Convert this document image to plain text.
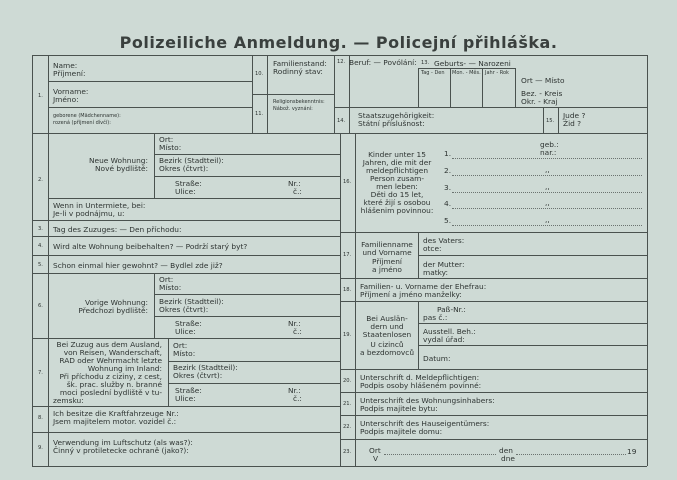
Polizeiliche Anmeldung. — Policejní přihláška.
1.
Name:
Příjmení:
Vorname:
Jméno:
geborene (Mädchenname):
rozená (příjmení dívčí):
10.
Familienstand:
Rodinný stav:
11.
Religionsbekenntnis:
Nábož. vyznání:
12. Beruf: — Povólání: 13. Geburts- — Narozeni
Tag - Den Mon. - Měs. Jahr - Rok
Ort — Místo
Bez. - Kreis
Okr. - Kraj
14.
Staatszugehörigkeit:
Státní příslušnost:	15.
Jude ?
Žid ?
2.
Neue Wohnung:
Nové bydliště:
Ort:
Místo:
Bezirk (Stadtteil):
Okres (čtvrt):
Straße:
Ulice:
Nr.:
č.:
Wenn in Untermiete, bei:
Je-li v podnájmu, u:
3. Tag des Zuzuges: — Den příchodu:
4. Wird alte Wohnung beibehalten? — Podrží starý byt?
5. Schon einmal hier gewohnt? — Bydlel zde již?
6.	Vorige Wohnung:
Předchozi bydliště:
Ort:
Místo:
Bezirk (Stadtteil):
Okres (čtvrt):
Straße:
Ulice:
Nr.:
č.:
7.
Bei Zuzug aus dem Ausland,
von Reisen, Wanderschaft,
RAD oder Wehrmacht letzte
Wohnung im Inland:
Při příchodu z ciziny, z cest,
šk. prac. služby n. branné
moci poslední bydliště v tu-
zemsku:
Ort:
Místo:
Bezirk (Stadtteil):
Okres (čtvrt):
Straße:
Ulice:
Nr.:
č.:
8. Ich besitze die Kraftfahrzeuge Nr.:
Jsem majitelem motor. vozidel č.:
9.
Verwendung im Luftschutz (als was?):
Činný v protiletecke ochraně (jako?):
16.
Kinder unter 15
Jahren, die mit der
meldepflichtigen
Person zusam-
men leben:
Děti do 15 let,
které žijí s osobou
hlášenim povinnou:
geb.:
nar.:
1.
2.
3.
4.
5.
,,
,,
,,
,,
17.
Familienname
und Vorname
Příjmení
a jméno
des Vaters:
otce:
der Mutter:
matky:
18. Familien- u. Vorname der Ehefrau:
Příjmení a jméno manželky:
19.
Bei Auslän-
dern und
Staatenlosen
U cizinců
a bezdomovců
Paß-Nr.:
pas č.:
Ausstell. Beh.:
vydal úřad:
Datum:
20. Unterschrift d. Meldepflichtigen:
Podpis osoby hlášeném povinné:
21. Unterschrift des Wohnungsinhabers:
Podpis majitele bytu:
22. Unterschrift des Hauseigentümers:
Podpis majitele domu:
23. Ort
V
den
dne
19
